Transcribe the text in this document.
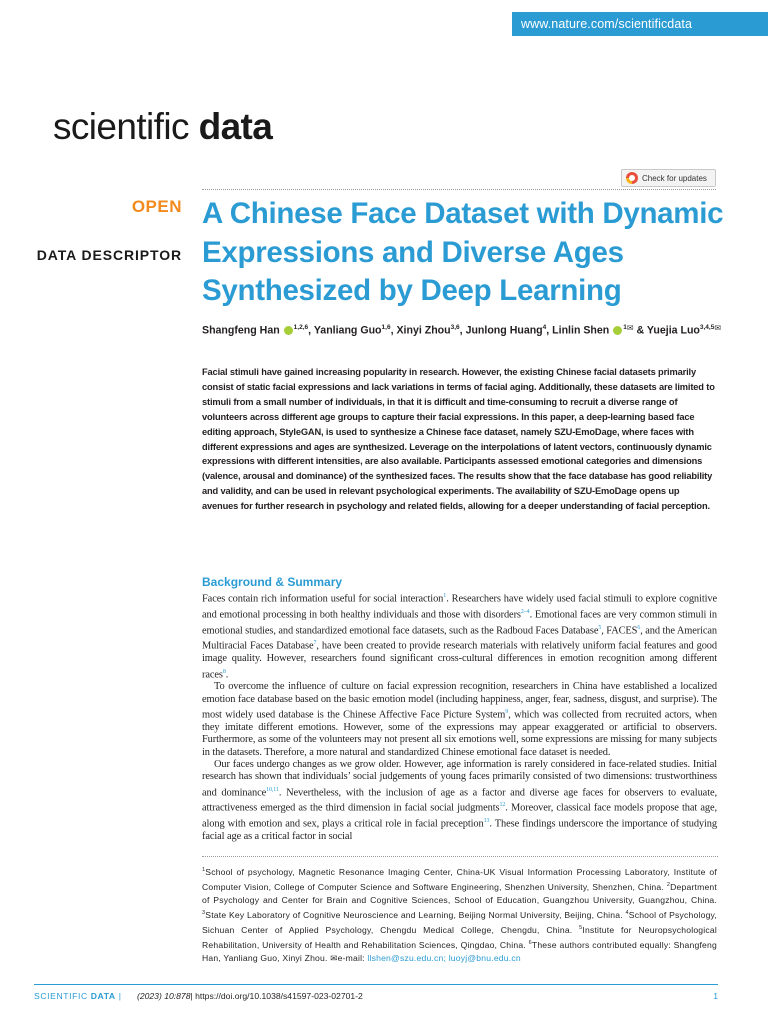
www.nature.com/scientificdata
scientific data
Check for updates
OPEN
DATA DESCRIPTOR
A Chinese Face Dataset with Dynamic Expressions and Diverse Ages Synthesized by Deep Learning
Shangfeng Han $^{1,2,6}$, Yanliang Guo$^{1,6}$, Xinyi Zhou$^{3,6}$, Junlong Huang$^4$, Linlin Shen $^{1✉}$ & Yuejia Luo$^{3,4,5✉}$

Facial stimuli have gained increasing popularity in research. However, the existing Chinese facial datasets primarily consist of static facial expressions and lack variations in terms of facial aging. Additionally, these datasets are limited to stimuli from a small number of individuals, in that it is difficult and time-consuming to recruit a diverse range of volunteers across different age groups to capture their facial expressions. In this paper, a deep-learning based face editing approach, StyleGAN, is used to synthesize a Chinese face dataset, namely SZU-EmoDage, where faces with different expressions and ages are synthesized. Leverage on the interpolations of latent vectors, continuously dynamic expressions with different intensities, are also available. Participants assessed emotional categories and dimensions (valence, arousal and dominance) of the synthesized faces. The results show that the face database has good reliability and validity, and can be used in relevant psychological experiments. The availability of SZU-EmoDage opens up avenues for further research in psychology and related fields, allowing for a deeper understanding of facial perception.

Background & Summary

Faces contain rich information useful for social interaction$^1$. Researchers have widely used facial stimuli to explore cognitive and emotional processing in both healthy individuals and those with disorders$^{2-4}$. Emotional faces are very common stimuli in emotional studies, and standardized emotional face datasets, such as the Radboud Faces Database$^5$, FACES$^6$, and the American Multiracial Faces Database$^7$, have been created to provide research materials with relatively uniform facial features and good image quality. However, researchers found significant cross-cultural differences in emotion recognition among different races$^8$.

To overcome the influence of culture on facial expression recognition, researchers in China have established a localized emotion face database based on the basic emotion model (including happiness, anger, fear, sadness, disgust, and surprise). The most widely used database is the Chinese Affective Face Picture System$^9$, which was collected from recruited actors, when they imitate different emotions. However, some of the expressions may appear exaggerated or artificial to observers. Furthermore, as some of the volunteers may not present all six emotions well, some expressions are missing for many subjects in the datasets. Therefore, a more natural and standardized Chinese emotional face dataset is needed.

Our faces undergo changes as we grow older. However, age information is rarely considered in face-related studies. Initial research has shown that individuals’ social judgements of young faces primarily consisted of two dimensions: trustworthiness and dominance$^{10,11}$. Nevertheless, with the inclusion of age as a factor and diverse age faces for observers to evaluate, attractiveness emerged as the third dimension in facial social judgments$^{12}$. Moreover, classical face models propose that age, along with emotion and sex, plays a critical role in facial preception$^{13}$. These findings underscore the importance of studying facial age as a critical factor in social

$^1$School of psychology, Magnetic Resonance Imaging Center, China-UK Visual Information Processing Laboratory, Institute of Computer Vision, College of Computer Science and Software Engineering, Shenzhen University, Shenzhen, China. $^2$Department of Psychology and Center for Brain and Cognitive Sciences, School of Education, Guangzhou University, Guangzhou, China. $^3$State Key Laboratory of Cognitive Neuroscience and Learning, Beijing Normal University, Beijing, China. $^4$School of Psychology, Sichuan Center of Applied Psychology, Chengdu Medical College, Chengdu, China. $^5$Institute for Neuropsychological Rehabilitation, University of Health and Rehabilitation Sciences, Qingdao, China. $^6$These authors contributed equally: Shangfeng Han, Yanliang Guo, Xinyi Zhou. ✉e-mail: llshen@szu.edu.cn; luoyj@bnu.edu.cn
SCIENTIFIC DATA | (2023) 10:878 | https://doi.org/10.1038/s41597-023-02701-2	1
